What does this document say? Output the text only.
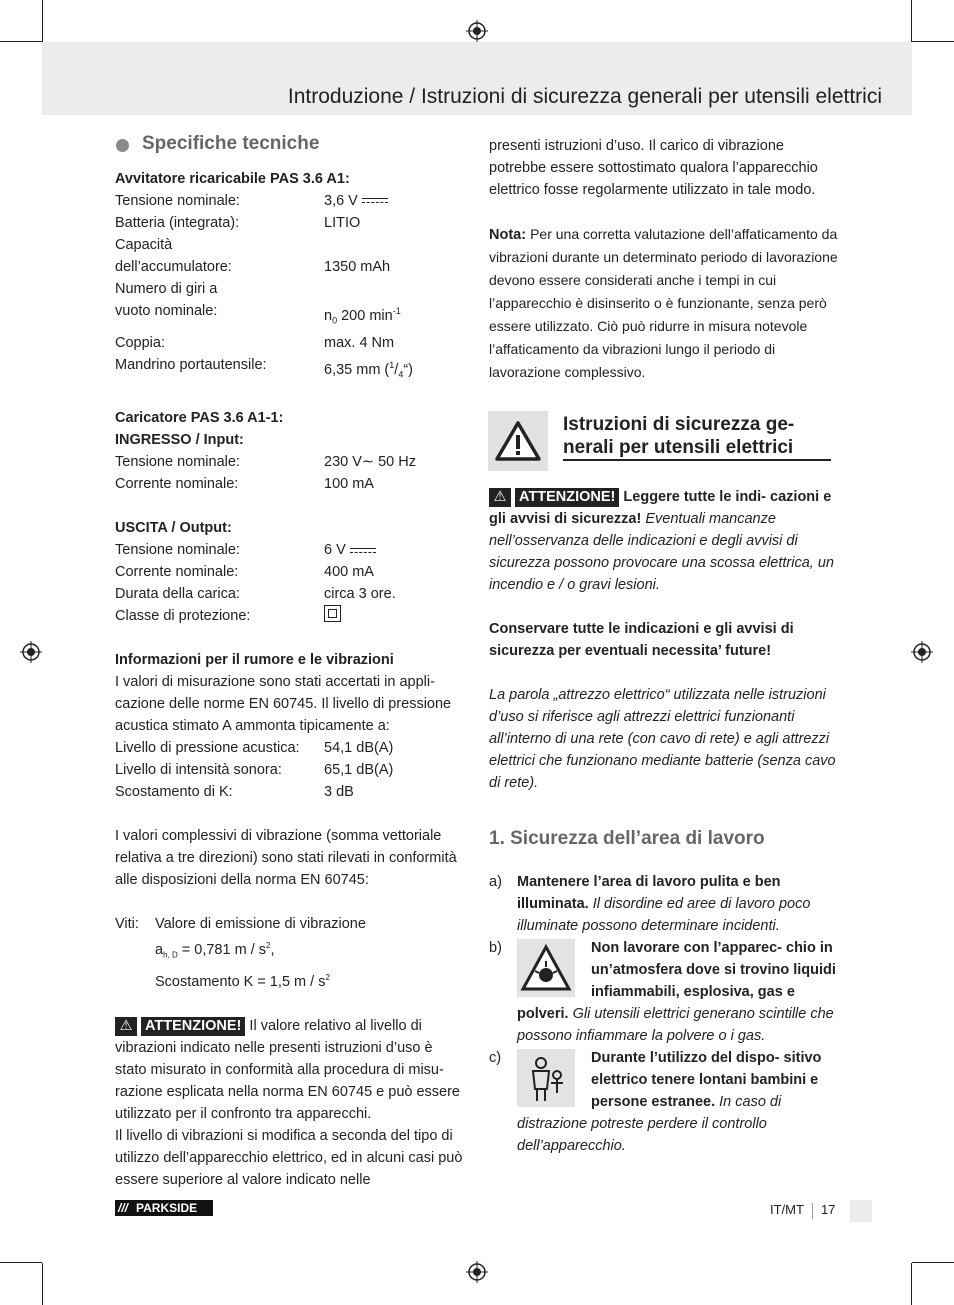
Introduzione / Istruzioni di sicurezza generali per utensili elettrici
Specifiche tecniche
Avvitatore ricaricabile PAS 3.6 A1:
Tensione nominale:	3,6 V
Batteria (integrata):	LITIO
Capacità
dell’accumulatore:	1350 mAh
Numero di giri a
vuoto nominale:	$n_0$ 200 $\min^{-1}$
Coppia:	max. 4 Nm
Mandrino portautensile:	6,35 mm $(^1/_4“)$
Caricatore PAS 3.6 A1-1:
INGRESSO / Input:
Tensione nominale:	230 V∼ 50 Hz
Corrente nominale:	100 mA
USCITA / Output:
Tensione nominale:	6 V
Corrente nominale:	400 mA
Durata della carica:	circa 3 ore.
Classe di protezione:
Informazioni per il rumore e le vibrazioni
I valori di misurazione sono stati accertati in appli- cazione delle norme EN 60745. Il livello di pressione acustica stimato A ammonta tipicamente a:
Livello di pressione acustica:	54,1 dB(A)
Livello di intensità sonora:	65,1 dB(A)
Scostamento di K:	3 dB
I valori complessivi di vibrazione (somma vettoriale relativa a tre direzioni) sono stati rilevati in conformità alle disposizioni della norma EN 60745:
Viti:	Valore di emissione di vibrazione
$a_{h, D} = 0,781$ m / $s^2$,
Scostamento K = 1,5 m / $s^2$
⚠ ATTENZIONE! Il valore relativo al livello di vibrazioni indicato nelle presenti istruzioni d’uso è stato misurato in conformità alla procedura di misu- razione esplicata nella norma EN 60745 e può essere utilizzato per il confronto tra apparecchi.
Il livello di vibrazioni si modifica a seconda del tipo di utilizzo dell’apparecchio elettrico, ed in alcuni casi può essere superiore al valore indicato nelle
presenti istruzioni d’uso. Il carico di vibrazione potrebbe essere sottostimato qualora l’apparecchio elettrico fosse regolarmente utilizzato in tale modo.
Nota: Per una corretta valutazione dell’affaticamento da vibrazioni durante un determinato periodo di lavorazione devono essere considerati anche i tempi in cui l’apparecchio è disinserito o è funzionante, senza però essere utilizzato. Ciò può ridurre in misura notevole l’affaticamento da vibrazioni lungo il periodo di lavorazione complessivo.
Istruzioni di sicurezza ge- nerali per utensili elettrici
⚠ ATTENZIONE! Leggere tutte le indi- cazioni e gli avvisi di sicurezza! Eventuali mancanze nell’osservanza delle indicazioni e degli avvisi di sicurezza possono provocare una scossa elettrica, un incendio e / o gravi lesioni.
Conservare tutte le indicazioni e gli avvisi di sicurezza per eventuali necessita’ future!
La parola „attrezzo elettrico“ utilizzata nelle istruzioni d’uso si riferisce agli attrezzi elettrici funzionanti all’interno di una rete (con cavo di rete) e agli attrezzi elettrici che funzionano mediante batterie (senza cavo di rete).
1. Sicurezza dell’area di lavoro
a) Mantenere l’area di lavoro pulita e ben illuminata. Il disordine ed aree di lavoro poco illuminate possono determinare incidenti.
b)	Non lavorare con l’apparec- chio in un’atmosfera dove si trovino liquidi infiammabili, esplosiva, gas e polveri. Gli utensili elettrici generano scintille che possono infiammare la polvere o i gas.
c)	Durante l’utilizzo del dispo- sitivo elettrico tenere lontani bambini e persone estranee. In caso di distrazione potreste perdere il controllo dell’apparecchio.
/// PARKSIDE	IT/MT 17
